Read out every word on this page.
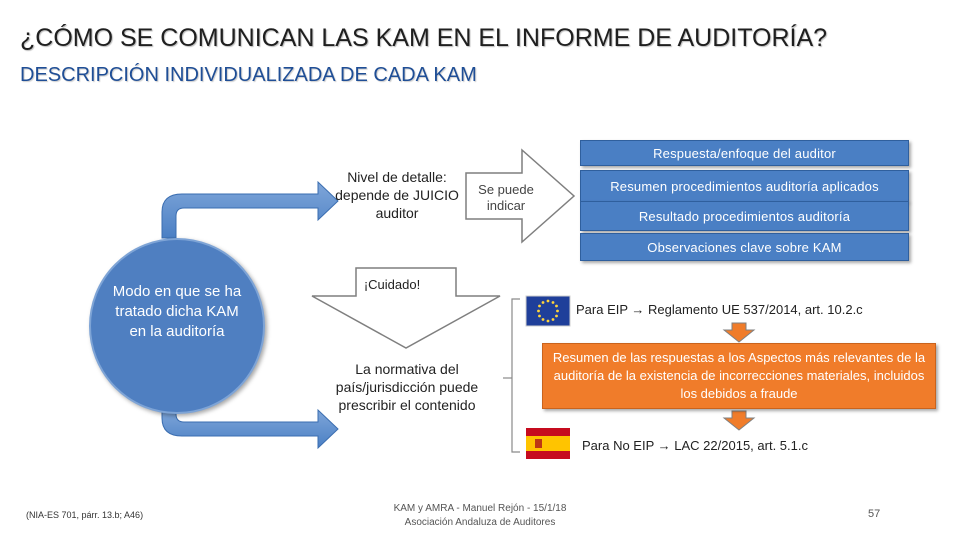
¿CÓMO SE COMUNICAN LAS KAM EN EL INFORME DE AUDITORÍA?
DESCRIPCIÓN INDIVIDUALIZADA DE CADA KAM
Modo en que se ha tratado dicha KAM en la auditoría
Nivel de detalle: depende de JUICIO auditor
Se puede indicar
Respuesta/enfoque del auditor
Resumen procedimientos auditoría aplicados
Resultado procedimientos auditoría
Observaciones clave sobre KAM
¡Cuidado!
La normativa del país/jurisdicción puede prescribir el contenido
Para EIP → Reglamento UE 537/2014, art. 10.2.c
Resumen de las respuestas a los Aspectos más relevantes de la auditoría de la existencia de incorrecciones materiales, incluidos los debidos a fraude
Para No EIP → LAC 22/2015, art. 5.1.c
(NIA-ES 701, párr. 13.b; A46)
KAM y AMRA - Manuel Rejón - 15/1/18
Asociación Andaluza de Auditores
57
